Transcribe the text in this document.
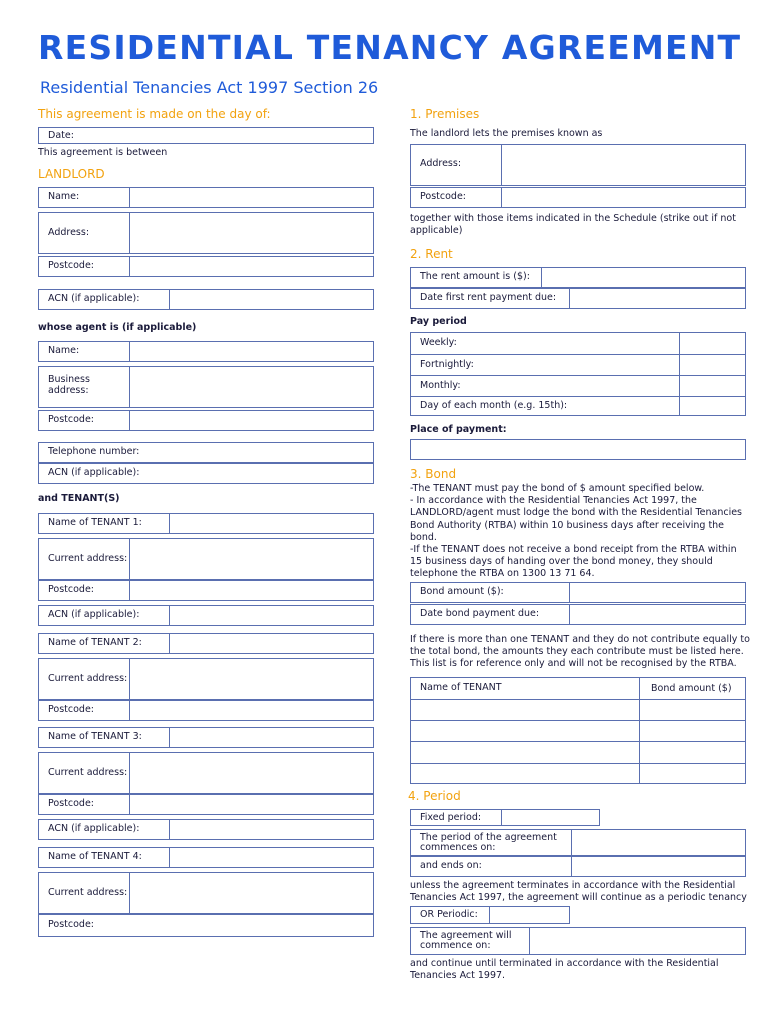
RESIDENTIAL TENANCY AGREEMENT
Residential Tenancies Act 1997 Section 26
This agreement is made on the day of:
Date:
This agreement is between
LANDLORD
Name:
Address:
Postcode:
ACN (if applicable):
whose agent is (if applicable)
Name:
Business address:
Postcode:
Telephone number:
ACN (if applicable):
and TENANT(S)
Name of TENANT 1:
Current address:
Postcode:
ACN (if applicable):
Name of TENANT 2:
Current address:
Postcode:
Name of TENANT 3:
Current address:
Postcode:
ACN (if applicable):
Name of TENANT 4:
Current address:
Postcode:
1. Premises
The landlord lets the premises known as
Address:
Postcode:
together with those items indicated in the Schedule (strike out if not applicable)
2. Rent
The rent amount is ($):
Date first rent payment due:
Pay period
Weekly:
Fortnightly:
Monthly:
Day of each month (e.g. 15th):
Place of payment:
3. Bond
-The TENANT must pay the bond of $ amount specified below.
- In accordance with the Residential Tenancies Act 1997, the
LANDLORD/agent must lodge the bond with the Residential Tenancies
Bond Authority (RTBA) within 10 business days after receiving the
bond.
-If the TENANT does not receive a bond receipt from the RTBA within
15 business days of handing over the bond money, they should
telephone the RTBA on 1300 13 71 64.
Bond amount ($):
Date bond payment due:
If there is more than one TENANT and they do not contribute equally to
the total bond, the amounts they each contribute must be listed here.
This list is for reference only and will not be recognised by the RTBA.
Name of TENANT	Bond amount ($)
4. Period
Fixed period:
The period of the agreement commences on:
and ends on:
unless the agreement terminates in accordance with the Residential
Tenancies Act 1997, the agreement will continue as a periodic tenancy
OR Periodic:
The agreement will commence on:
and continue until terminated in accordance with the Residential
Tenancies Act 1997.
